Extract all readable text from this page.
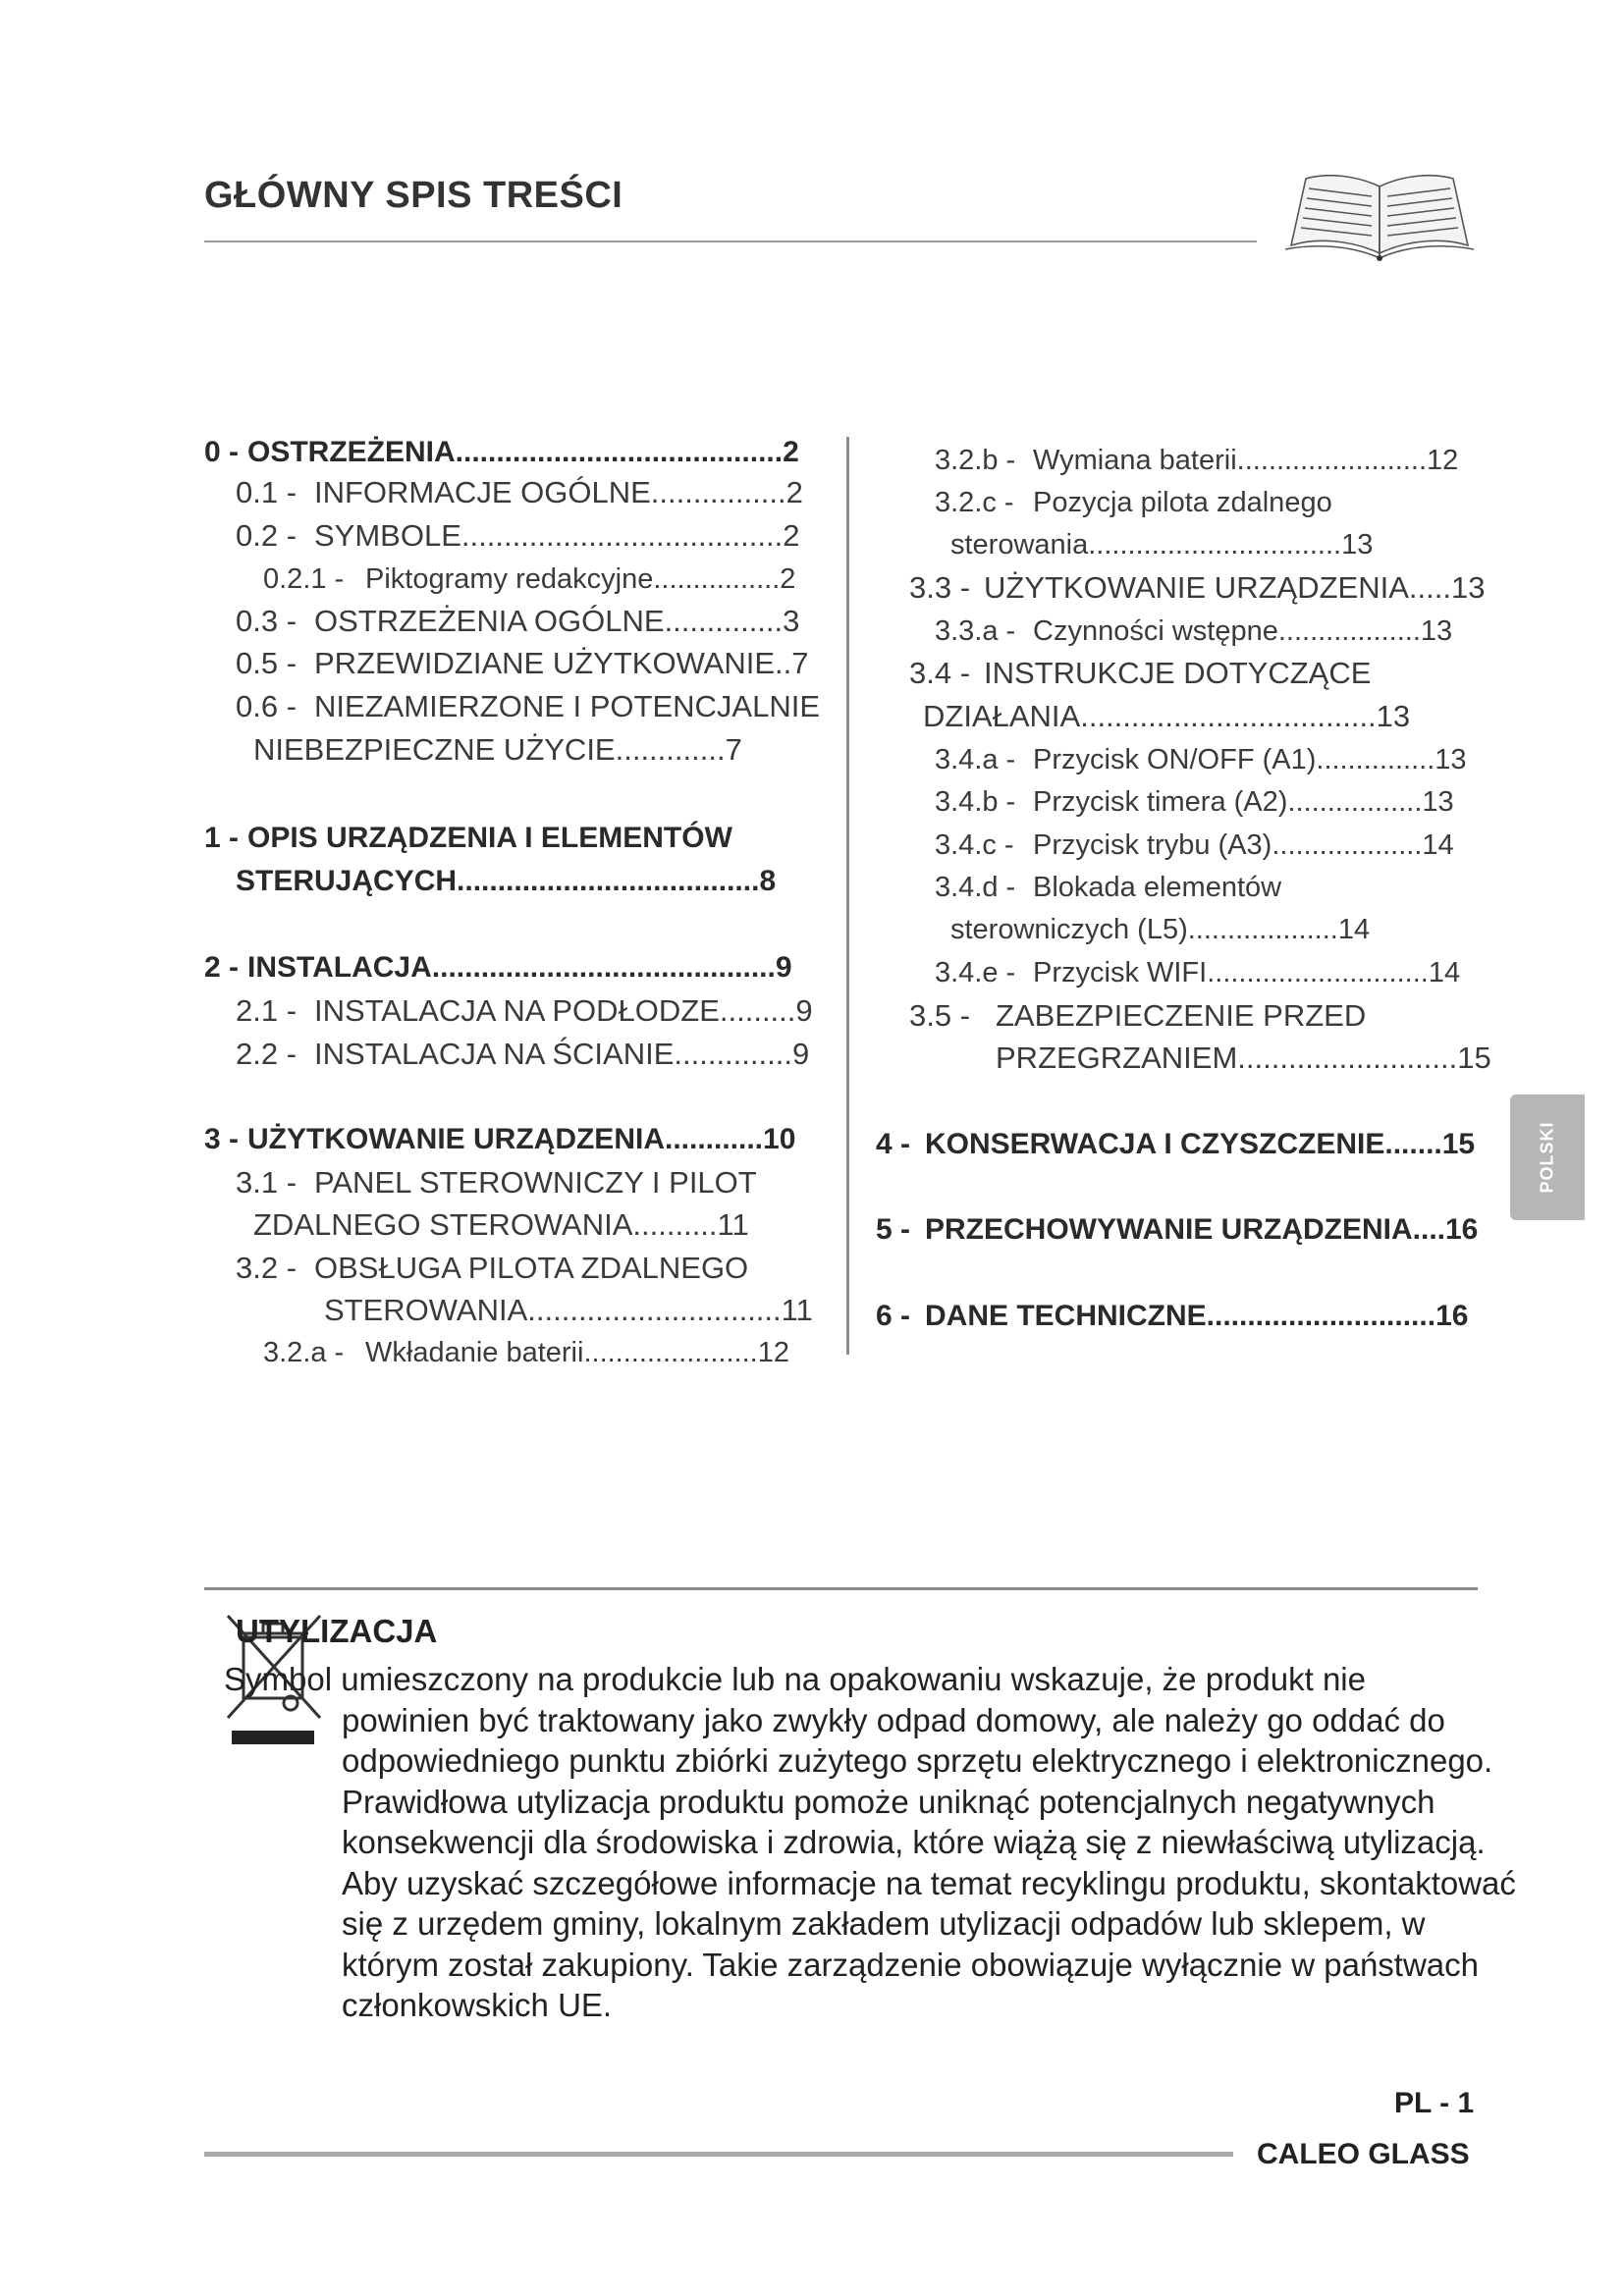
GŁÓWNY SPIS TREŚCI
0 - OSTRZEŻENIA........................................2
0.1 - INFORMACJE OGÓLNE................2
0.2 - SYMBOLE......................................2
0.2.1 - Piktogramy redakcyjne................2
0.3 - OSTRZEŻENIA OGÓLNE..............3
0.5 - PRZEWIDZIANE UŻYTKOWANIE..7
0.6 - NIEZAMIERZONE I POTENCJALNIE
NIEBEZPIECZNE UŻYCIE.............7
1 - OPIS URZĄDZENIA I ELEMENTÓW
STERUJĄCYCH.....................................8
2 - INSTALACJA..........................................9
2.1 - INSTALACJA NA PODŁODZE.........9
2.2 - INSTALACJA NA ŚCIANIE..............9
3 - UŻYTKOWANIE URZĄDZENIA............10
3.1 - PANEL STEROWNICZY I PILOT
ZDALNEGO STEROWANIA..........11
3.2 - OBSŁUGA PILOTA ZDALNEGO
STEROWANIA..............................11
3.2.a - Wkładanie baterii......................12
3.2.b - Wymiana baterii........................12
3.2.c - Pozycja pilota zdalnego
sterowania................................13
3.3 - UŻYTKOWANIE URZĄDZENIA.....13
3.3.a - Czynności wstępne..................13
3.4 - INSTRUKCJE DOTYCZĄCE
DZIAŁANIA...................................13
3.4.a - Przycisk ON/OFF (A1)...............13
3.4.b - Przycisk timera (A2).................13
3.4.c - Przycisk trybu (A3)...................14
3.4.d - Blokada elementów
sterowniczych (L5)...................14
3.4.e - Przycisk WIFI............................14
3.5 - ZABEZPIECZENIE PRZED
PRZEGRZANIEM..........................15
4 - KONSERWACJA I CZYSZCZENIE.......15
5 - PRZECHOWYWANIE URZĄDZENIA....16
6 - DANE TECHNICZNE............................16
POLSKI
UTYLIZACJA
Symbol umieszczony na produkcie lub na opakowaniu wskazuje, że produkt nie
powinien być traktowany jako zwykły odpad domowy, ale należy go oddać do
odpowiedniego punktu zbiórki zużytego sprzętu elektrycznego i elektronicznego.
Prawidłowa utylizacja produktu pomoże uniknąć potencjalnych negatywnych
konsekwencji dla środowiska i zdrowia, które wiążą się z niewłaściwą utylizacją.
Aby uzyskać szczegółowe informacje na temat recyklingu produktu, skontaktować
się z urzędem gminy, lokalnym zakładem utylizacji odpadów lub sklepem, w
którym został zakupiony. Takie zarządzenie obowiązuje wyłącznie w państwach
członkowskich UE.
PL - 1
CALEO GLASS
